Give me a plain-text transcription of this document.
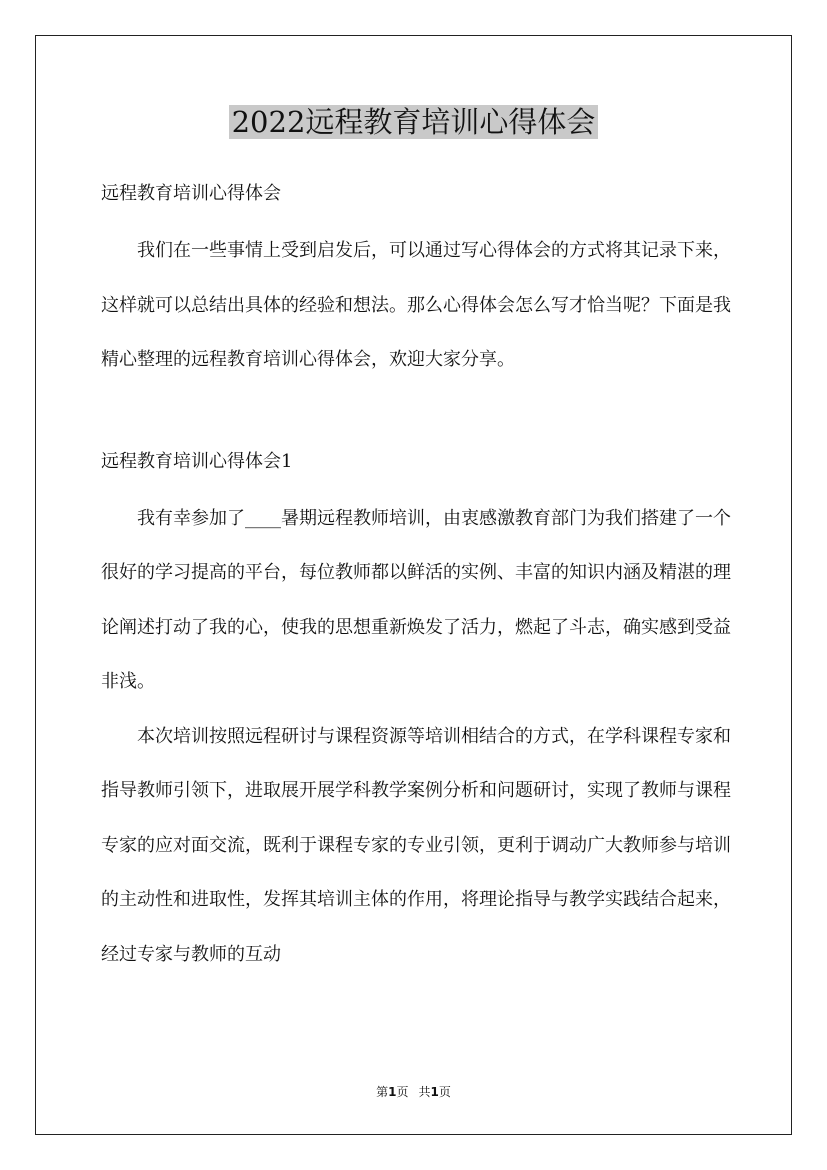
2022远程教育培训心得体会

远程教育培训心得体会

我们在一些事情上受到启发后，可以通过写心得体会的方式将其记录下来，这样就可以总结出具体的经验和想法。那么心得体会怎么写才恰当呢？下面是我精心整理的远程教育培训心得体会，欢迎大家分享。

远程教育培训心得体会1

我有幸参加了____暑期远程教师培训，由衷感激教育部门为我们搭建了一个很好的学习提高的平台，每位教师都以鲜活的实例、丰富的知识内涵及精湛的理论阐述打动了我的心，使我的思想重新焕发了活力，燃起了斗志，确实感到受益非浅。

本次培训按照远程研讨与课程资源等培训相结合的方式，在学科课程专家和指导教师引领下，进取展开展学科教学案例分析和问题研讨，实现了教师与课程专家的应对面交流，既利于课程专家的专业引领，更利于调动广大教师参与培训的主动性和进取性，发挥其培训主体的作用，将理论指导与教学实践结合起来，经过专家与教师的互动

第1页 共1页
